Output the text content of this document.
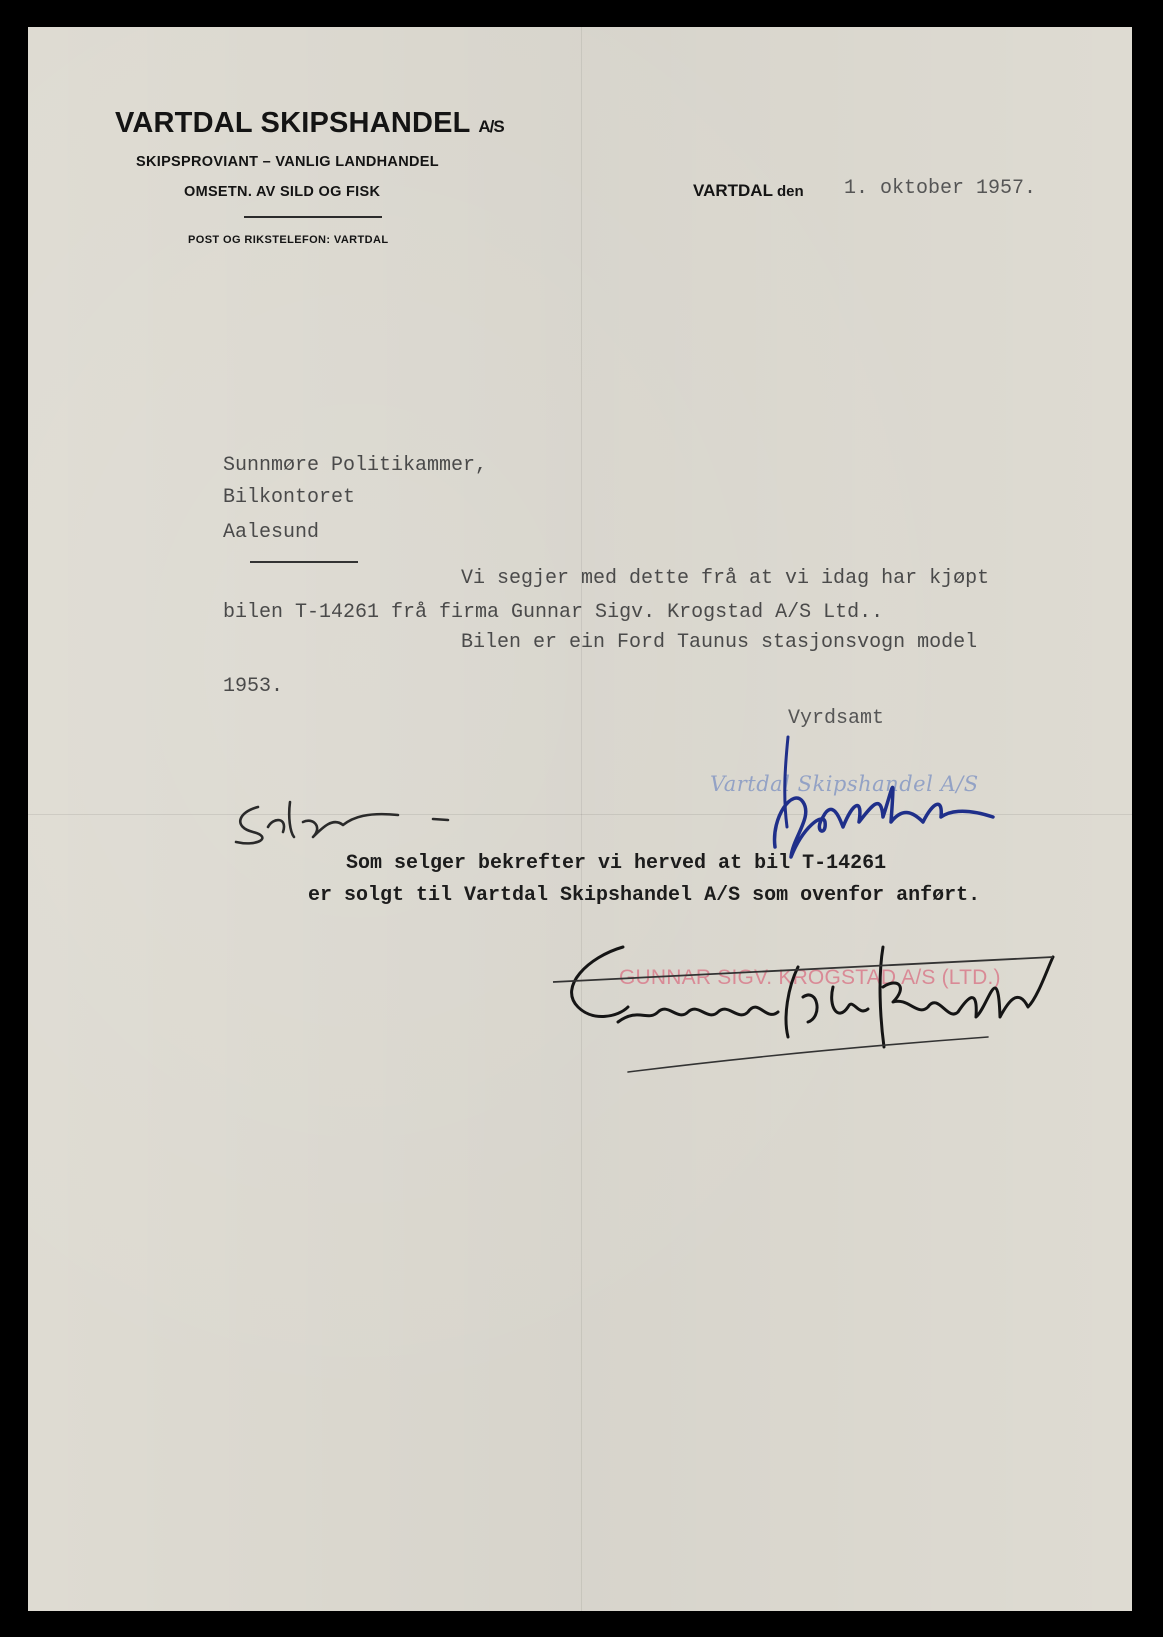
VARTDAL SKIPSHANDEL A/S
SKIPSPROVIANT – VANLIG LANDHANDEL
OMSETN. AV SILD OG FISK
POST OG RIKSTELEFON: VARTDAL
VARTDAL den 1. oktober 1957.
Sunnmøre Politikammer,
Bilkontoret
Aalesund
Vi segjer med dette frå at vi idag har kjøpt
bilen T-14261 frå firma Gunnar Sigv. Krogstad A/S Ltd..
Bilen er ein Ford Taunus stasjonsvogn model
1953.
Vyrdsamt
Vartdal Skipshandel A/S
Som selger bekrefter vi herved at bil T-14261
er solgt til Vartdal Skipshandel A/S som ovenfor anført.
GUNNAR SIGV. KROGSTAD A/S (LTD.)
